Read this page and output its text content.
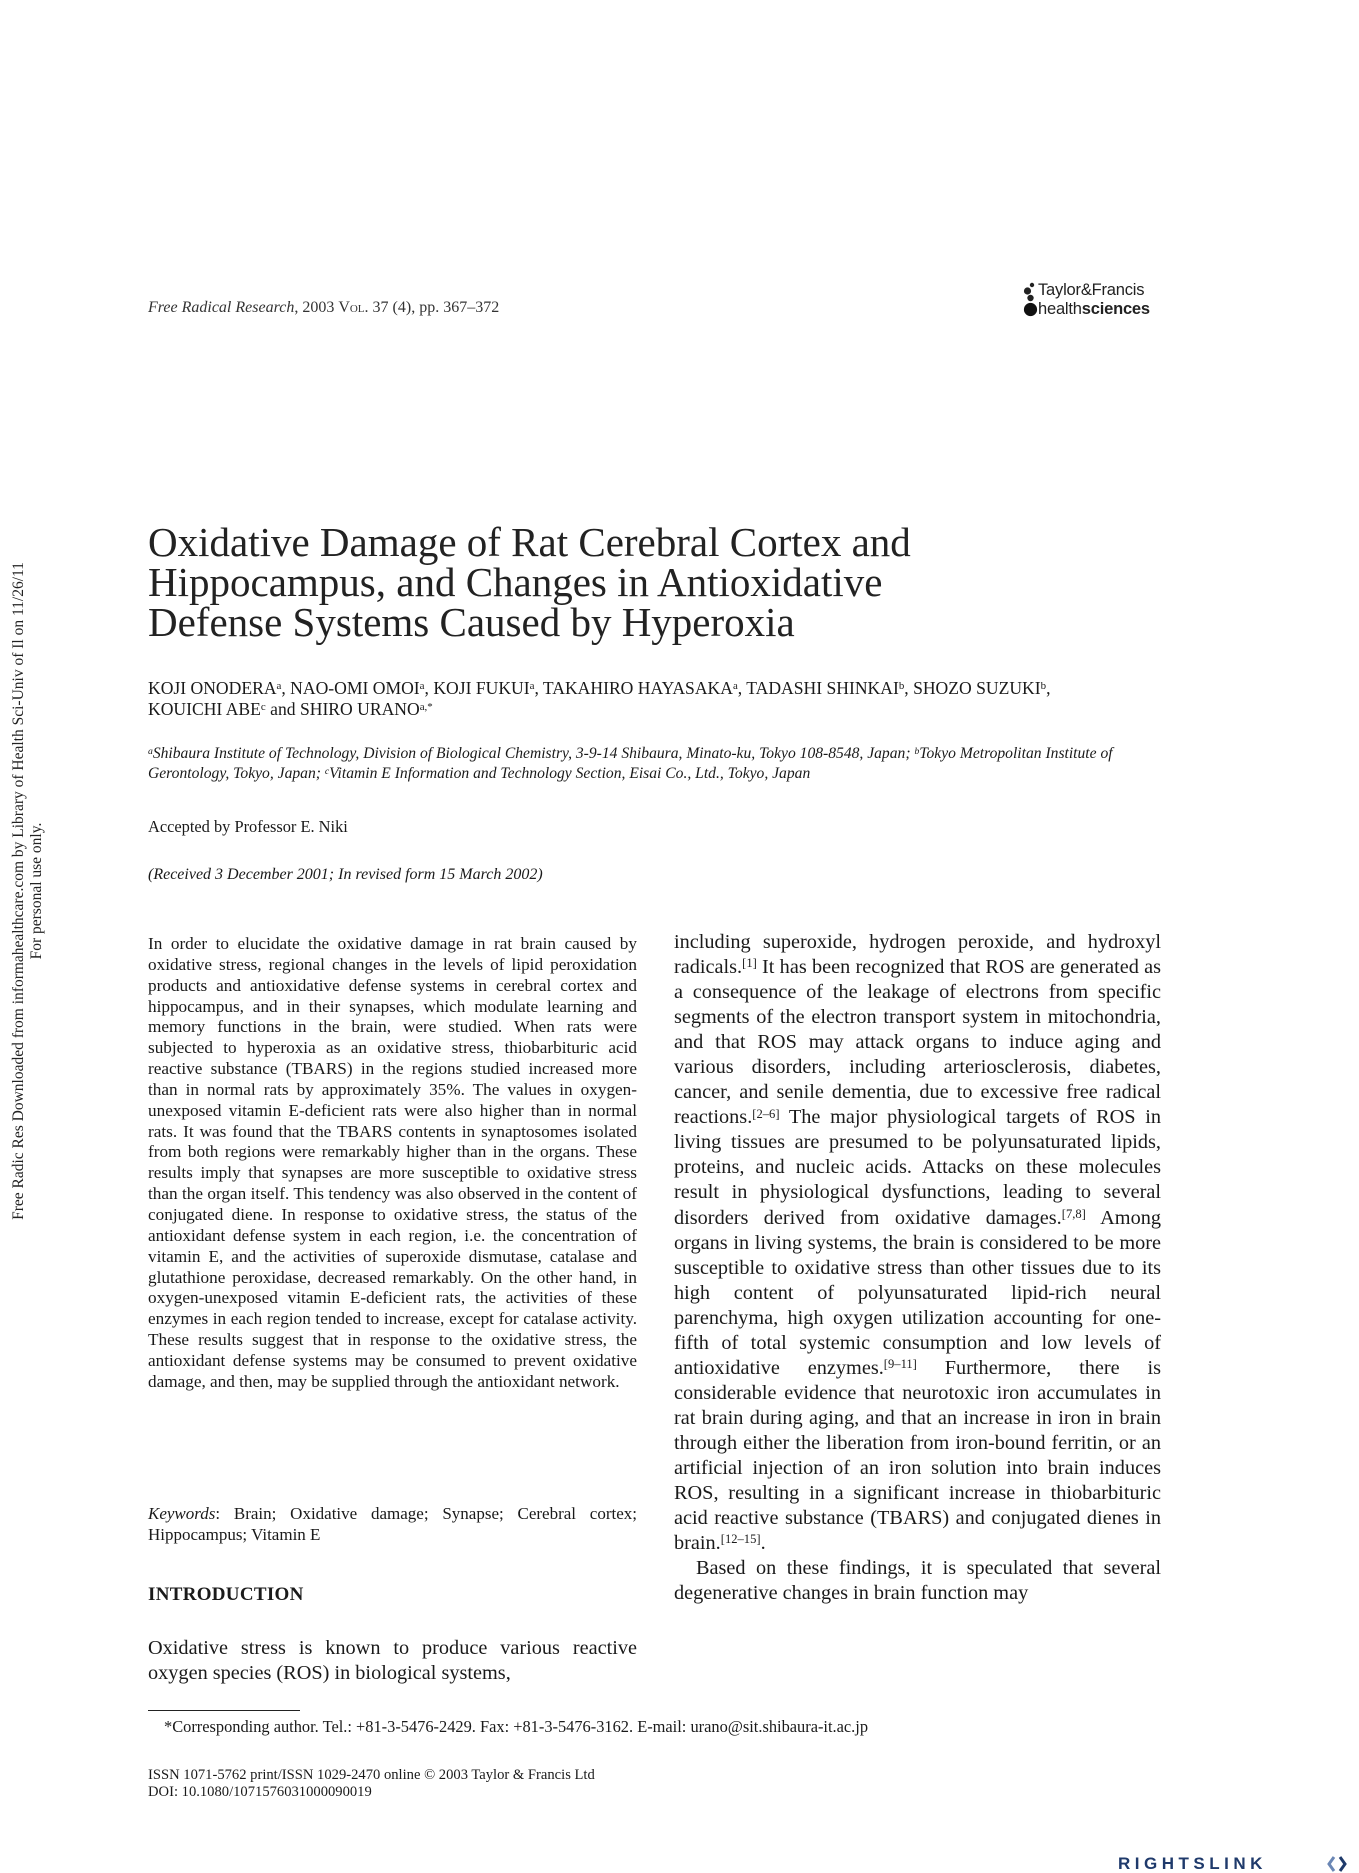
Free Radic Res Downloaded from informahealthcare.com by Library of Health Sci-Univ of Il on 11/26/11 For personal use only.
Free Radical Research, 2003 Vol. 37 (4), pp. 367–372
Taylor&Francis
healthsciences
Oxidative Damage of Rat Cerebral Cortex and
Hippocampus, and Changes in Antioxidative
Defense Systems Caused by Hyperoxia
KOJI ONODERA$^a$, NAO-OMI OMOI$^a$, KOJI FUKUI$^a$, TAKAHIRO HAYASAKA$^a$, TADASHI SHINKAI$^b$, SHOZO SUZUKI$^b$,
KOUICHI ABE$^c$ and SHIRO $URANO^{a,*}$
$^a$Shibaura Institute of Technology, Division of Biological Chemistry, 3-9-14 Shibaura, Minato-ku, Tokyo 108-8548, Japan; $^b$Tokyo Metropolitan Institute of Gerontology, Tokyo, Japan; $^c$Vitamin E Information and Technology Section, Eisai Co., Ltd., Tokyo, Japan
Accepted by Professor E. Niki
(Received 3 December 2001; In revised form 15 March 2002)
In order to elucidate the oxidative damage in rat brain caused by oxidative stress, regional changes in the levels of lipid peroxidation products and antioxidative defense systems in cerebral cortex and hippocampus, and in their synapses, which modulate learning and memory functions in the brain, were studied. When rats were subjected to hyperoxia as an oxidative stress, thiobarbituric acid reactive substance (TBARS) in the regions studied increased more than in normal rats by approximately 35%. The values in oxygen-unexposed vitamin E-deficient rats were also higher than in normal rats. It was found that the TBARS contents in synaptosomes isolated from both regions were remarkably higher than in the organs. These results imply that synapses are more susceptible to oxidative stress than the organ itself. This tendency was also observed in the content of conjugated diene. In response to oxidative stress, the status of the antioxidant defense system in each region, i.e. the concentration of vitamin E, and the activities of superoxide dismutase, catalase and glutathione peroxidase, decreased remarkably. On the other hand, in oxygen-unexposed vitamin E-deficient rats, the activities of these enzymes in each region tended to increase, except for catalase activity. These results suggest that in response to the oxidative stress, the antioxidant defense systems may be consumed to prevent oxidative damage, and then, may be supplied through the antioxidant network.
Keywords: Brain; Oxidative damage; Synapse; Cerebral cortex; Hippocampus; Vitamin E
INTRODUCTION
Oxidative stress is known to produce various reactive oxygen species (ROS) in biological systems,

including superoxide, hydrogen peroxide, and hydroxyl radicals.[1] It has been recognized that ROS are generated as a consequence of the leakage of electrons from specific segments of the electron transport system in mitochondria, and that ROS may attack organs to induce aging and various disorders, including arteriosclerosis, diabetes, cancer, and senile dementia, due to excessive free radical reactions.[2–6] The major physiological targets of ROS in living tissues are presumed to be polyunsaturated lipids, proteins, and nucleic acids. Attacks on these molecules result in physiological dysfunctions, leading to several disorders derived from oxidative damages.[7,8] Among organs in living systems, the brain is considered to be more susceptible to oxidative stress than other tissues due to its high content of polyunsaturated lipid-rich neural parenchyma, high oxygen utilization accounting for one-fifth of total systemic consumption and low levels of antioxidative enzymes.[9–11] Furthermore, there is considerable evidence that neurotoxic iron accumulates in rat brain during aging, and that an increase in iron in brain through either the liberation from iron-bound ferritin, or an artificial injection of an iron solution into brain induces ROS, resulting in a significant increase in thiobarbituric acid reactive substance (TBARS) and conjugated dienes in brain.[12–15].

Based on these findings, it is speculated that several degenerative changes in brain function may

*Corresponding author. Tel.: +81-3-5476-2429. Fax: +81-3-5476-3162. E-mail: urano@sit.shibaura-it.ac.jp
ISSN 1071-5762 print/ISSN 1029-2470 online © 2003 Taylor & Francis Ltd
DOI: 10.1080/1071576031000090019
RIGHTSLINK
